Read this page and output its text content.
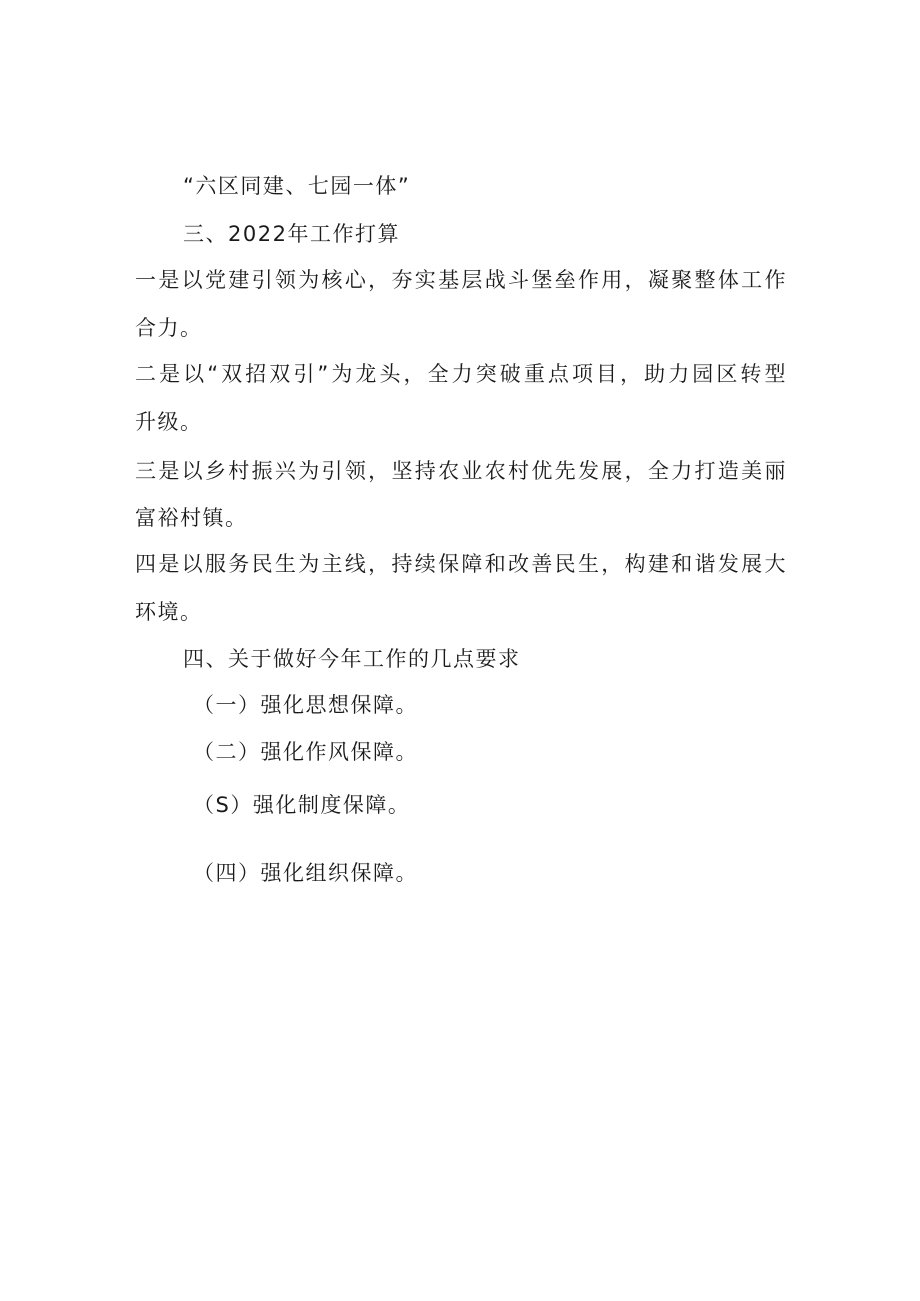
“六区同建、七园一体”
三、2022年工作打算
一是以党建引领为核心，夯实基层战斗堡垒作用，凝聚整体工作
合力。
二是以“双招双引”为龙头，全力突破重点项目，助力园区转型
升级。
三是以乡村振兴为引领，坚持农业农村优先发展，全力打造美丽
富裕村镇。
四是以服务民生为主线，持续保障和改善民生，构建和谐发展大
环境。
四、关于做好今年工作的几点要求
（一）强化思想保障。
（二）强化作风保障。
（S）强化制度保障。
（四）强化组织保障。
